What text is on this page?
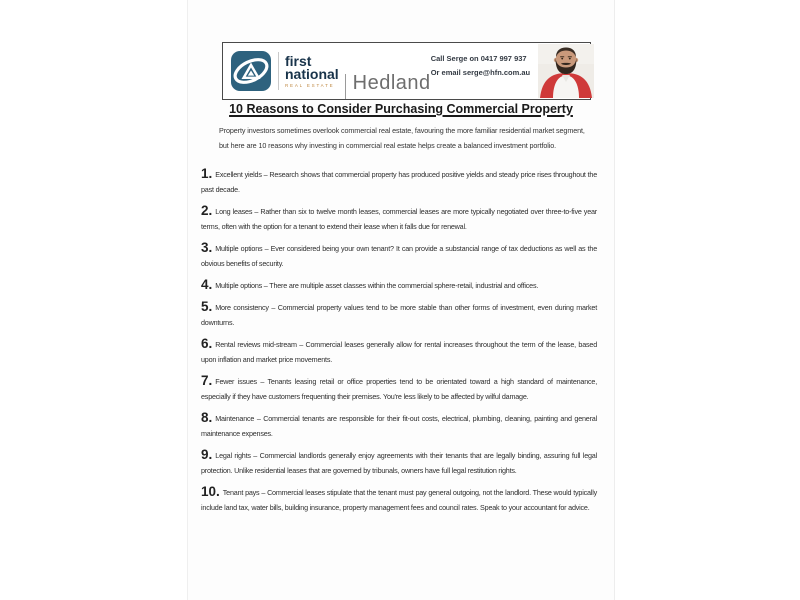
first
national
REAL ESTATE Hedland
Call Serge on 0417 997 937
Or email serge@hfn.com.au
10 Reasons to Consider Purchasing Commercial Property

Property investors sometimes overlook commercial real estate, favouring the more familiar residential market segment, but here are 10 reasons why investing in commercial real estate helps create a balanced investment portfolio.

1. Excellent yields – Research shows that commercial property has produced positive yields and steady price rises throughout the past decade.

2. Long leases – Rather than six to twelve month leases, commercial leases are more typically negotiated over three-to-five year terms, often with the option for a tenant to extend their lease when it falls due for renewal.

3. Multiple options – Ever considered being your own tenant? It can provide a substancial range of tax deductions as well as the obvious benefits of security.

4. Multiple options – There are multiple asset classes within the commercial sphere-retail, industrial and offices.

5. More consistency – Commercial property values tend to be more stable than other forms of investment, even during market downturns.

6. Rental reviews mid-stream – Commercial leases generally allow for rental increases throughout the term of the lease, based upon inflation and market price movements.

7. Fewer issues – Tenants leasing retail or office properties tend to be orientated toward a high standard of maintenance, especially if they have customers frequenting their premises. You're less likely to be affected by wilful damage.

8. Maintenance – Commercial tenants are responsible for their fit-out costs, electrical, plumbing, cleaning, painting and general maintenance expenses.

9. Legal rights – Commercial landlords generally enjoy agreements with their tenants that are legally binding, assuring full legal protection. Unlike residential leases that are governed by tribunals, owners have full legal restitution rights.

10. Tenant pays – Commercial leases stipulate that the tenant must pay general outgoing, not the landlord. These would typically include land tax, water bills, building insurance, property management fees and council rates. Speak to your accountant for advice.
